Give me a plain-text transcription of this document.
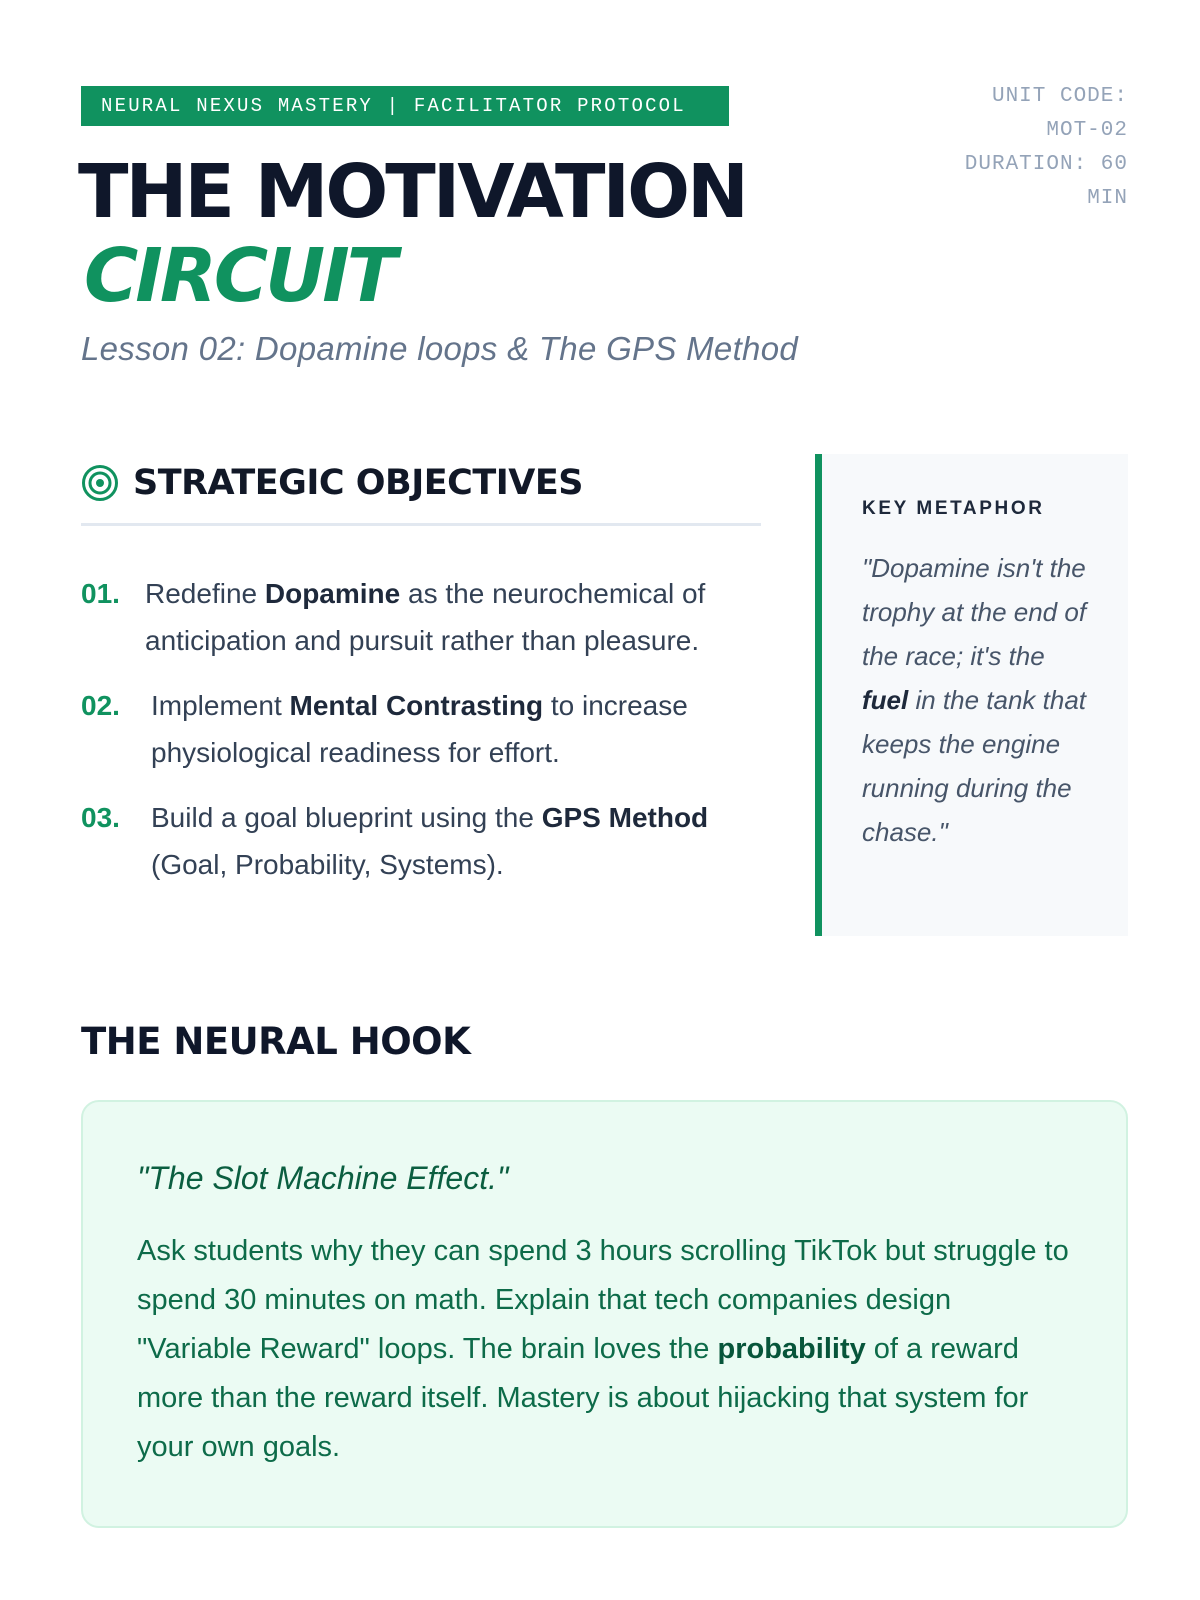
NEURAL NEXUS MASTERY | FACILITATOR PROTOCOL	UNIT CODE:
MOT-02
DURATION: 60
MIN
THE MOTIVATION
CIRCUIT
Lesson 02: Dopamine loops & The GPS Method
STRATEGIC OBJECTIVES
01. Redefine Dopamine as the neurochemical of anticipation and pursuit rather than pleasure.
02.	Implement Mental Contrasting to increase physiological readiness for effort.
03.	Build a goal blueprint using the GPS Method (Goal, Probability, Systems).
KEY METAPHOR

"Dopamine isn't the trophy at the end of the race; it's the fuel in the tank that keeps the engine running during the chase."

THE NEURAL HOOK
"The Slot Machine Effect."

Ask students why they can spend 3 hours scrolling TikTok but struggle to spend 30 minutes on math. Explain that tech companies design "Variable Reward" loops. The brain loves the probability of a reward more than the reward itself. Mastery is about hijacking that system for your own goals.
